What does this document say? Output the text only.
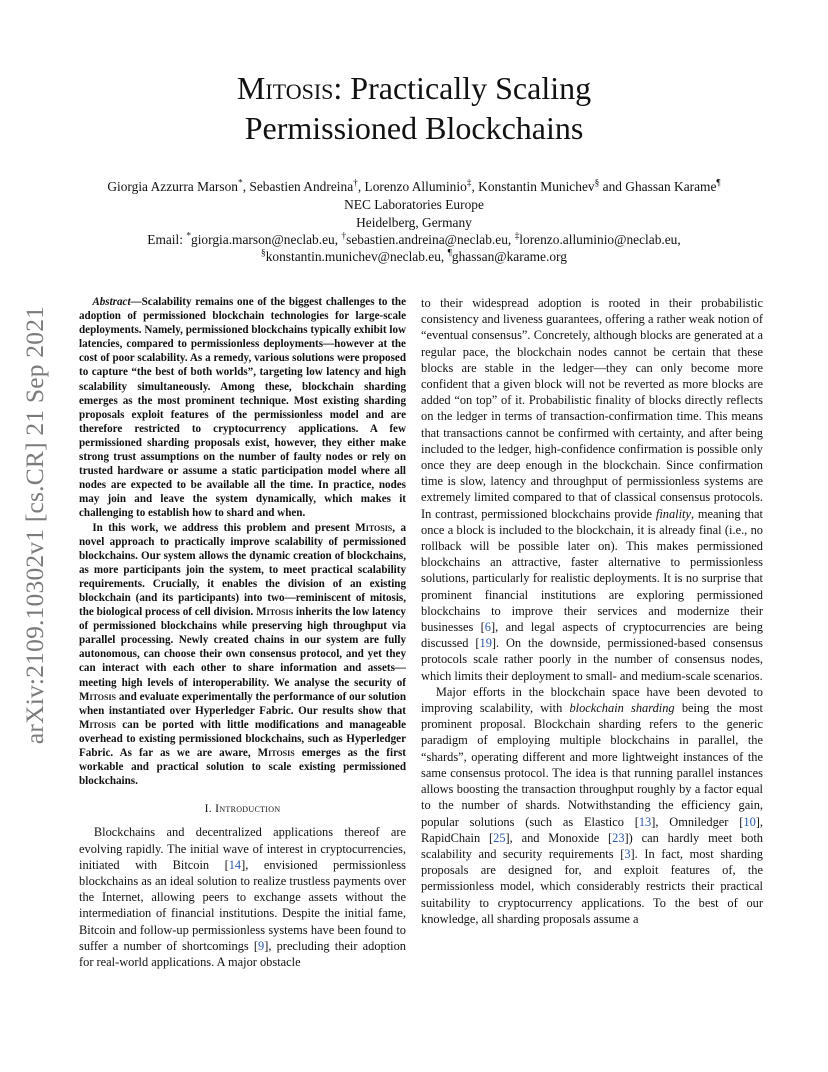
arXiv:2109.10302v1 [cs.CR] 21 Sep 2021
Mitosis: Practically Scaling
Permissioned Blockchains
Giorgia Azzurra Marson*, Sebastien Andreina†, Lorenzo Alluminio‡, Konstantin Munichev§ and Ghassan Karame¶
NEC Laboratories Europe
Heidelberg, Germany
Email: *giorgia.marson@neclab.eu, †sebastien.andreina@neclab.eu, ‡lorenzo.alluminio@neclab.eu,
§konstantin.munichev@neclab.eu, ¶ghassan@karame.org

Abstract—Scalability remains one of the biggest challenges to the adoption of permissioned blockchain technologies for large-scale deployments. Namely, permissioned blockchains typically exhibit low latencies, compared to permissionless deployments—however at the cost of poor scalability. As a remedy, various solutions were proposed to capture “the best of both worlds”, targeting low latency and high scalability simultaneously. Among these, blockchain sharding emerges as the most prominent technique. Most existing sharding proposals exploit features of the permissionless model and are therefore restricted to cryptocurrency applications. A few permissioned sharding proposals exist, however, they either make strong trust assumptions on the number of faulty nodes or rely on trusted hardware or assume a static participation model where all nodes are expected to be available all the time. In practice, nodes may join and leave the system dynamically, which makes it challenging to establish how to shard and when.

In this work, we address this problem and present Mitosis, a novel approach to practically improve scalability of permissioned blockchains. Our system allows the dynamic creation of blockchains, as more participants join the system, to meet practical scalability requirements. Crucially, it enables the division of an existing blockchain (and its participants) into two—reminiscent of mitosis, the biological process of cell division. Mitosis inherits the low latency of permissioned blockchains while preserving high throughput via parallel processing. Newly created chains in our system are fully autonomous, can choose their own consensus protocol, and yet they can interact with each other to share information and assets—meeting high levels of interoperability. We analyse the security of Mitosis and evaluate experimentally the performance of our solution when instantiated over Hyperledger Fabric. Our results show that Mitosis can be ported with little modifications and manageable overhead to existing permissioned blockchains, such as Hyperledger Fabric. As far as we are aware, Mitosis emerges as the first workable and practical solution to scale existing permissioned blockchains.

I. Introduction

Blockchains and decentralized applications thereof are evolving rapidly. The initial wave of interest in cryptocurrencies, initiated with Bitcoin [14], envisioned permissionless blockchains as an ideal solution to realize trustless payments over the Internet, allowing peers to exchange assets without the intermediation of financial institutions. Despite the initial fame, Bitcoin and follow-up permissionless systems have been found to suffer a number of shortcomings [9], precluding their adoption for real-world applications. A major obstacle

to their widespread adoption is rooted in their probabilistic consistency and liveness guarantees, offering a rather weak notion of “eventual consensus”. Concretely, although blocks are generated at a regular pace, the blockchain nodes cannot be certain that these blocks are stable in the ledger—they can only become more confident that a given block will not be reverted as more blocks are added “on top” of it. Probabilistic finality of blocks directly reflects on the ledger in terms of transaction-confirmation time. This means that transactions cannot be confirmed with certainty, and after being included to the ledger, high-confidence confirmation is possible only once they are deep enough in the blockchain. Since confirmation time is slow, latency and throughput of permissionless systems are extremely limited compared to that of classical consensus protocols. In contrast, permissioned blockchains provide finality, meaning that once a block is included to the blockchain, it is already final (i.e., no rollback will be possible later on). This makes permissioned blockchains an attractive, faster alternative to permissionless solutions, particularly for realistic deployments. It is no surprise that prominent financial institutions are exploring permissioned blockchains to improve their services and modernize their businesses [6], and legal aspects of cryptocurrencies are being discussed [19]. On the downside, permissioned-based consensus protocols scale rather poorly in the number of consensus nodes, which limits their deployment to small- and medium-scale scenarios.

Major efforts in the blockchain space have been devoted to improving scalability, with blockchain sharding being the most prominent proposal. Blockchain sharding refers to the generic paradigm of employing multiple blockchains in parallel, the “shards”, operating different and more lightweight instances of the same consensus protocol. The idea is that running parallel instances allows boosting the transaction throughput roughly by a factor equal to the number of shards. Notwithstanding the efficiency gain, popular solutions (such as Elastico [13], Omniledger [10], RapidChain [25], and Monoxide [23]) can hardly meet both scalability and security requirements [3]. In fact, most sharding proposals are designed for, and exploit features of, the permissionless model, which considerably restricts their practical suitability to cryptocurrency applications. To the best of our knowledge, all sharding proposals assume a
